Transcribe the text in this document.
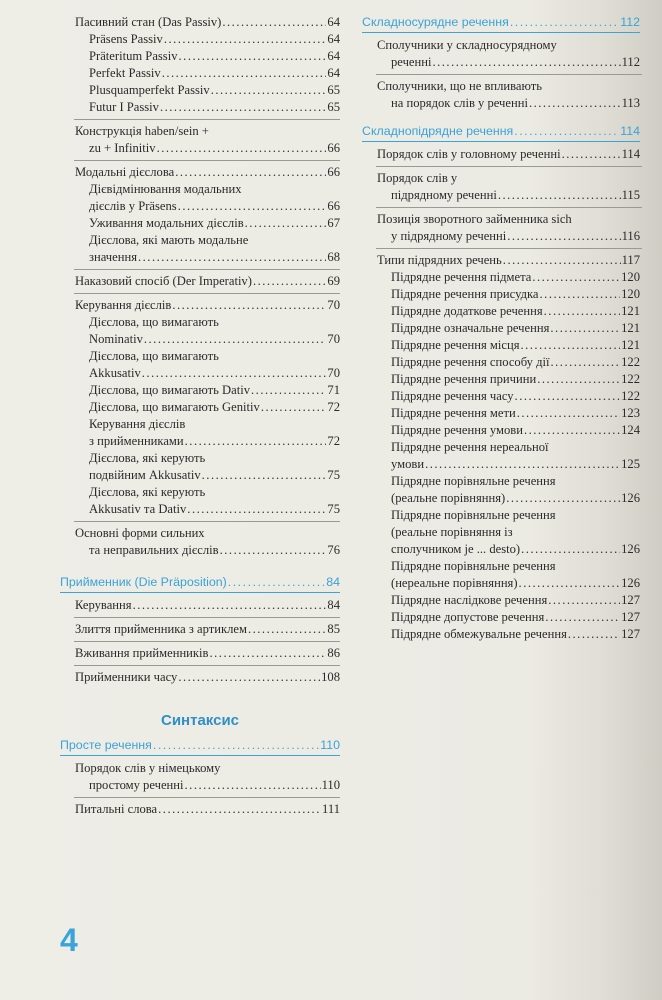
Пасивний стан (Das Passiv) .....	64
Präsens Passiv .....	64
Präteritum Passiv .....	64
Perfekt Passiv .....	64
Plusquamperfekt Passiv .....	65
Futur I Passiv .....	65
Конструкція haben/sein +
zu + Infinitiv .....	66
Модальні дієслова .....	66
Дієвідмінювання модальних
дієслів у Präsens .....	66
Уживання модальних дієслів .....	67
Дієслова, які мають модальне
значення .....	68
Наказовий спосіб (Der Imperativ) .....	69
Керування дієслів .....	70
Дієслова, що вимагають
Nominativ .....	70
Дієслова, що вимагають
Akkusativ .....	70
Дієслова, що вимагають Dativ .....	71
Дієслова, що вимагають Genitiv .....	72
Керування дієслів
з прийменниками .....	72
Дієслова, які керують
подвійним Akkusativ .....	75
Дієслова, які керують
Akkusativ та Dativ .....	75
Основні форми сильних
та неправильних дієслів .....	76
Прийменник (Die Präposition) .....	84
Керування .....	84
Злиття прийменника з артиклем .....	85
Вживання прийменників .....	86
Прийменники часу .....	108
Синтаксис
Просте речення .....	110
Порядок слів у німецькому
простому реченні .....	110
Питальні слова .....	111
Складносурядне речення .....	112
Сполучники у складносурядному
реченні .....	112
Сполучники, що не впливають
на порядок слів у реченні .....	113
Складнопідрядне речення .....	114
Порядок слів у головному реченні .....	114
Порядок слів у
підрядному реченні .....	115
Позиція зворотного займенника sich
у підрядному реченні .....	116
Типи підрядних речень .....	117
Підрядне речення підмета .....	120
Підрядне речення присудка .....	120
Підрядне додаткове речення .....	121
Підрядне означальне речення .....	121
Підрядне речення місця .....	121
Підрядне речення способу дії .....	122
Підрядне речення причини .....	122
Підрядне речення часу .....	122
Підрядне речення мети .....	123
Підрядне речення умови .....	124
Підрядне речення нереальної
умови .....	125
Підрядне порівняльне речення
(реальне порівняння) .....	126
Підрядне порівняльне речення
(реальне порівняння із
сполучником je ... desto) .....	126
Підрядне порівняльне речення
(нереальне порівняння) .....	126
Підрядне наслідкове речення .....	127
Підрядне допустове речення .....	127
Підрядне обмежувальне речення .....	127
4
